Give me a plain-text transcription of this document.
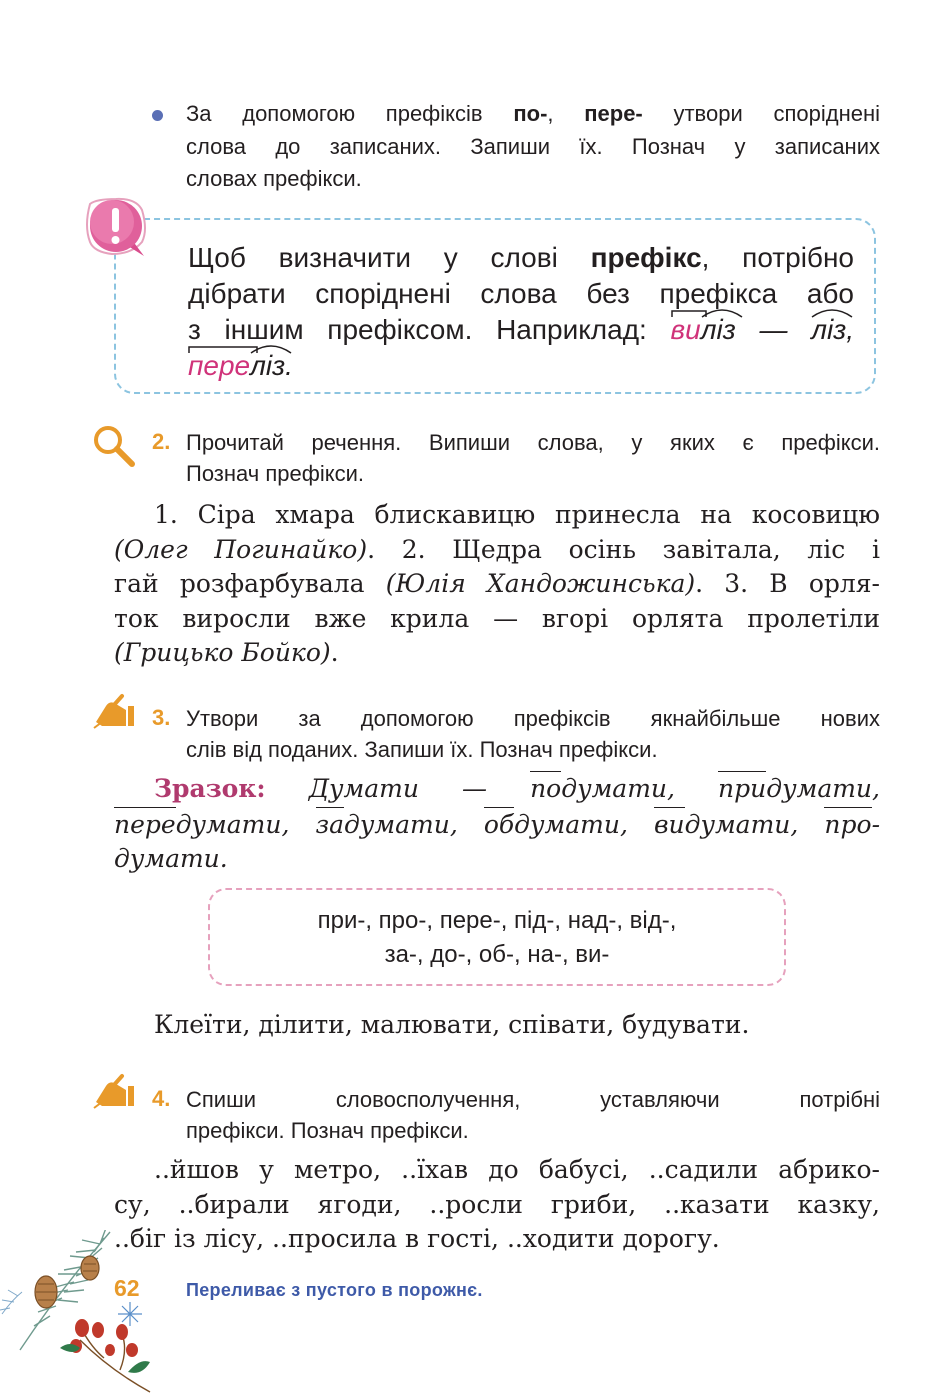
За допомогою префіксів по-, пере- утвори споріднені
слова до записаних. Запиши їх. Познач у записаних
словах префікси.
Щоб визначити у слові префікс, потрібно
дібрати споріднені слова без префікса або
з іншим префіксом. Наприклад: ви
ліз
— ліз
,
пере
ліз
.
2. Прочитай речення. Випиши слова, у яких є префікси.
Познач префікси.
1. Сіра хмара блискавицю принесла на косовицю
(Олег Погинайко). 2. Щедра осінь завітала, ліс і
гай розфарбувала (Юлія Хандожинська). 3. В орля-
ток виросли вже крила — вгорі орлята пролетіли
(Грицько Бойко).
3. Утвори за допомогою префіксів якнайбільше нових
слів від поданих. Запиши їх. Познач префікси.
Зразок: Думати — подумати, придумати,
передумати, задумати, обдумати, видумати, про-
думати.
при-, про-, пере-, під-, над-, від-,
за-, до-, об-, на-, ви-
Клеїти, ділити, малювати, співати, будувати.
4. Спиши словосполучення, уставляючи потрібні
префікси. Познач префікси.
..йшов у метро, ..їхав до бабусі, ..садили абрико-
су, ..бирали ягоди, ..росли гриби, ..казати казку,
..біг із лісу, ..просила в гості, ..ходити дорогу.
62	Переливає з пустого в порожнє.
